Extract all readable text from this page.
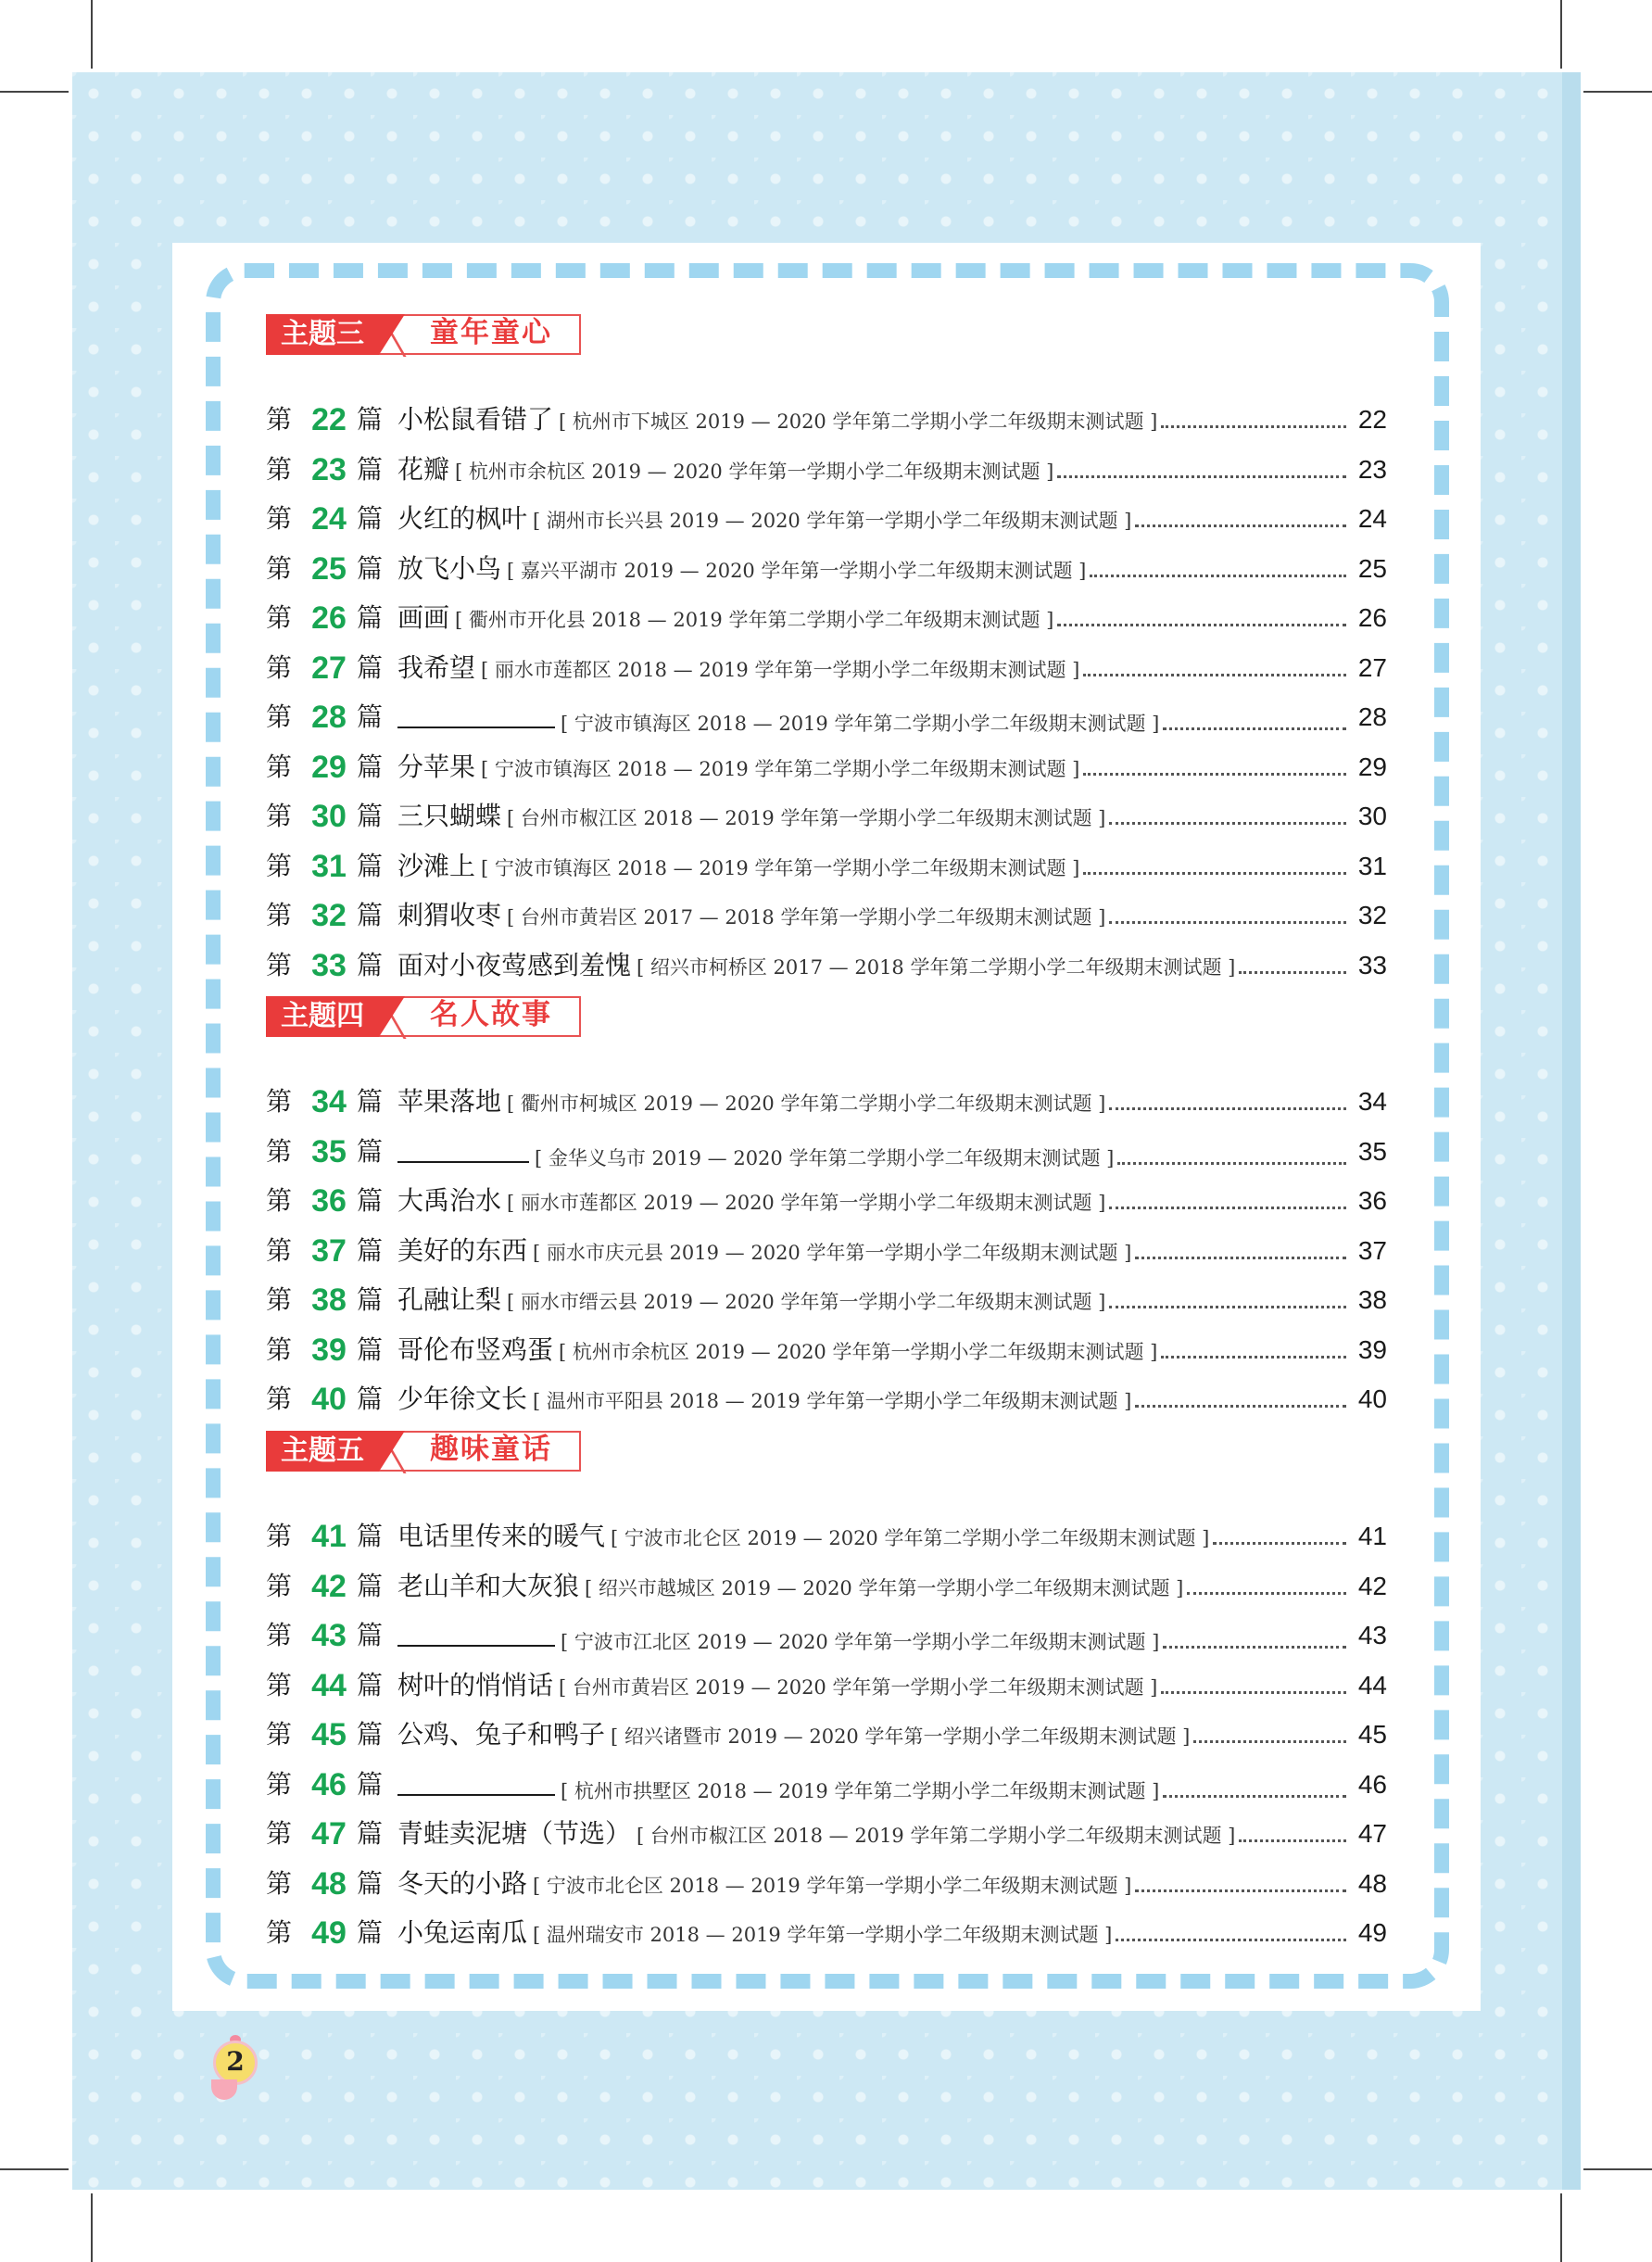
主题三	童年童心
第 22 篇 小松鼠看错了 [ 杭州市下城区 2019 — 2020 学年第二学期小学二年级期末测试题 ]	22
第 23 篇 花瓣 [ 杭州市余杭区 2019 — 2020 学年第一学期小学二年级期末测试题 ]	23
第 24 篇 火红的枫叶 [ 湖州市长兴县 2019 — 2020 学年第一学期小学二年级期末测试题 ]	24
第 25 篇 放飞小鸟 [ 嘉兴平湖市 2019 — 2020 学年第一学期小学二年级期末测试题 ]	25
第 26 篇 画画 [ 衢州市开化县 2018 — 2019 学年第二学期小学二年级期末测试题 ]	26
第 27 篇 我希望 [ 丽水市莲都区 2018 — 2019 学年第一学期小学二年级期末测试题 ]	27
第 28 篇	[ 宁波市镇海区 2018 — 2019 学年第二学期小学二年级期末测试题 ]	28
第 29 篇 分苹果 [ 宁波市镇海区 2018 — 2019 学年第二学期小学二年级期末测试题 ]	29
第 30 篇 三只蝴蝶 [ 台州市椒江区 2018 — 2019 学年第一学期小学二年级期末测试题 ]	30
第 31 篇 沙滩上 [ 宁波市镇海区 2018 — 2019 学年第一学期小学二年级期末测试题 ]	31
第 32 篇 刺猬收枣 [ 台州市黄岩区 2017 — 2018 学年第一学期小学二年级期末测试题 ]	32
第 33 篇 面对小夜莺感到羞愧 [ 绍兴市柯桥区 2017 — 2018 学年第二学期小学二年级期末测试题 ]	33
主题四	名人故事
第 34 篇 苹果落地 [ 衢州市柯城区 2019 — 2020 学年第二学期小学二年级期末测试题 ]	34
第 35 篇	[ 金华义乌市 2019 — 2020 学年第二学期小学二年级期末测试题 ]	35
第 36 篇 大禹治水 [ 丽水市莲都区 2019 — 2020 学年第一学期小学二年级期末测试题 ]	36
第 37 篇 美好的东西 [ 丽水市庆元县 2019 — 2020 学年第一学期小学二年级期末测试题 ]	37
第 38 篇 孔融让梨 [ 丽水市缙云县 2019 — 2020 学年第一学期小学二年级期末测试题 ]	38
第 39 篇 哥伦布竖鸡蛋 [ 杭州市余杭区 2019 — 2020 学年第一学期小学二年级期末测试题 ]	39
第 40 篇 少年徐文长 [ 温州市平阳县 2018 — 2019 学年第一学期小学二年级期末测试题 ]	40
主题五	趣味童话
第 41 篇 电话里传来的暖气 [ 宁波市北仑区 2019 — 2020 学年第二学期小学二年级期末测试题 ]	41
第 42 篇 老山羊和大灰狼 [ 绍兴市越城区 2019 — 2020 学年第一学期小学二年级期末测试题 ]	42
第 43 篇	[ 宁波市江北区 2019 — 2020 学年第一学期小学二年级期末测试题 ]	43
第 44 篇 树叶的悄悄话 [ 台州市黄岩区 2019 — 2020 学年第一学期小学二年级期末测试题 ]	44
第 45 篇 公鸡、兔子和鸭子 [ 绍兴诸暨市 2019 — 2020 学年第一学期小学二年级期末测试题 ]	45
第 46 篇	[ 杭州市拱墅区 2018 — 2019 学年第二学期小学二年级期末测试题 ]	46
第 47 篇 青蛙卖泥塘（节选） [ 台州市椒江区 2018 — 2019 学年第二学期小学二年级期末测试题 ]	47
第 48 篇 冬天的小路 [ 宁波市北仑区 2018 — 2019 学年第一学期小学二年级期末测试题 ]	48
第 49 篇 小兔运南瓜 [ 温州瑞安市 2018 — 2019 学年第一学期小学二年级期末测试题 ]	49
2
